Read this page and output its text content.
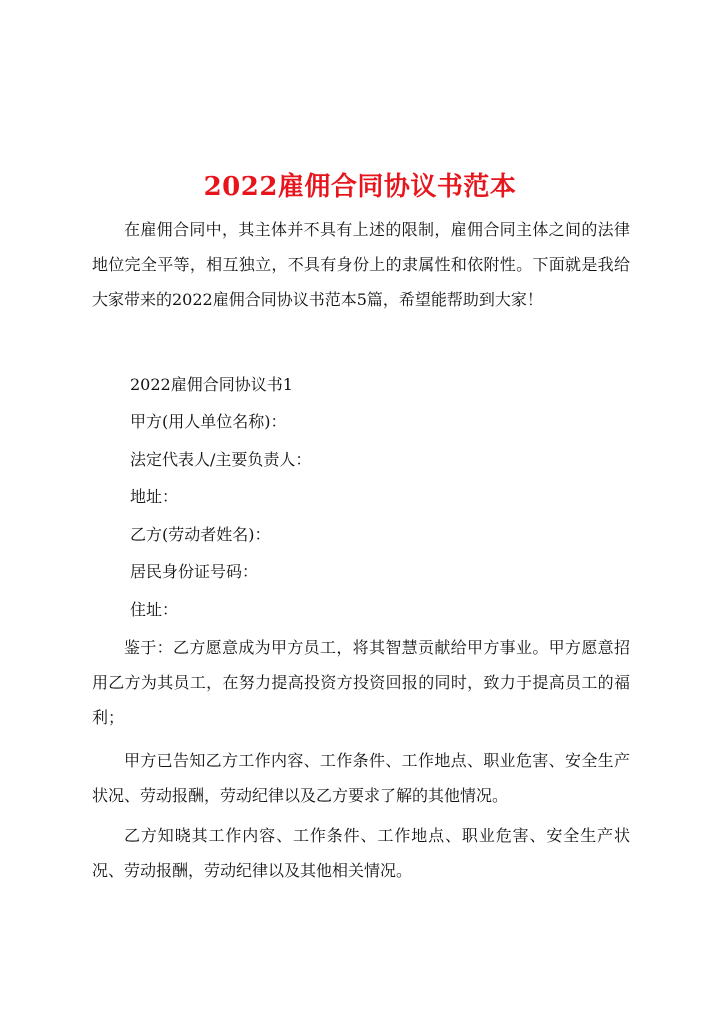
2022雇佣合同协议书范本

在雇佣合同中，其主体并不具有上述的限制，雇佣合同主体之间的法律地位完全平等，相互独立，不具有身份上的隶属性和依附性。下面就是我给大家带来的2022雇佣合同协议书范本5篇，希望能帮助到大家！

2022雇佣合同协议书1

甲方(用人单位名称)：

法定代表人/主要负责人：

地址：

乙方(劳动者姓名)：

居民身份证号码：

住址：

鉴于：乙方愿意成为甲方员工，将其智慧贡献给甲方事业。甲方愿意招用乙方为其员工，在努力提高投资方投资回报的同时，致力于提高员工的福利；

甲方已告知乙方工作内容、工作条件、工作地点、职业危害、安全生产状况、劳动报酬，劳动纪律以及乙方要求了解的其他情况。

乙方知晓其工作内容、工作条件、工作地点、职业危害、安全生产状况、劳动报酬，劳动纪律以及其他相关情况。
